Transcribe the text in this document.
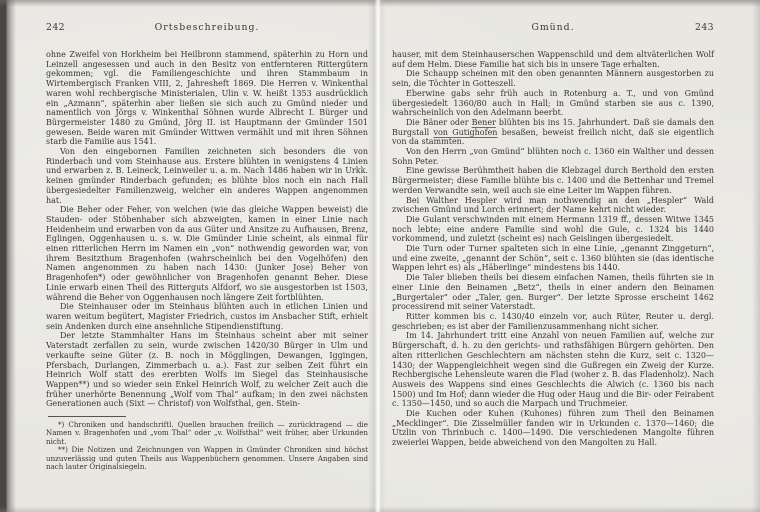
242	Ortsbeschreibung.

ohne Zweifel von Horkheim bei Heilbronn stammend, späterhin zu Horn und Leinzell angesessen und auch in den Besitz von entfernteren Rittergütern gekommen; vgl. die Familiengeschichte und ihren Stammbaum in Wirtembergisch Franken VIII, 2, Jahresheft 1869. Die Herren v. Winkenthal waren wohl rechbergische Ministerialen, Ulin v. W. heißt 1353 ausdrücklich ein „Azmann“, späterhin aber ließen sie sich auch zu Gmünd nieder und namentlich von Jörgs v. Winkenthal Söhnen wurde Albrecht I. Bürger und Bürgermeister 1480 zu Gmünd, Jörg II. ist Hauptmann der Gmünder 1501 gewesen. Beide waren mit Gmünder Wittwen vermählt und mit ihren Söhnen starb die Familie aus 1541.

Von den eingebornen Familien zeichneten sich besonders die von Rinderbach und vom Steinhause aus. Erstere blühten in wenigstens 4 Linien und erwarben z. B. Leineck, Leinweiler u. a. m. Nach 1486 haben wir in Urkk. keinen gmünder Rinderbach gefunden; es blühte blos noch ein nach Hall übergesiedelter Familienzweig, welcher ein anderes Wappen angenommen hat.

Die Beher oder Feher, von welchen (wie das gleiche Wappen beweist) die Stauden- oder Stöbenhaber sich abzweigten, kamen in einer Linie nach Heidenheim und erwarben von da aus Güter und Ansitze zu Aufhausen, Brenz, Eglingen, Oggenhausen u. s. w. Die Gmünder Linie scheint, als einmal für einen ritterlichen Herrn im Namen ein „von“ nothwendig geworden war, von ihrem Besitzthum Bragenhofen (wahrscheinlich bei den Vogelhöfen) den Namen angenommen zu haben nach 1430: (Junker Jose) Beher von Bragenhofen*) oder gewöhnlicher von Bragenhofen genannt Beher. Diese Linie erwarb einen Theil des Ritterguts Alfdorf, wo sie ausgestorben ist 1503, während die Beher von Oggenhausen noch längere Zeit fortblühten.

Die Steinhauser oder im Steinhaus blühten auch in etlichen Linien und waren weitum begütert, Magister Friedrich, custos im Ansbacher Stift, erhielt sein Andenken durch eine ansehnliche Stipendienstiftung.

Der letzte Stammhalter Hans im Steinhaus scheint aber mit seiner Vaterstadt zerfallen zu sein, wurde zwischen 1420/30 Bürger in Ulm und verkaufte seine Güter (z. B. noch in Mögglingen, Dewangen, Iggingen, Pfersbach, Durlangen, Zimmerbach u. a.). Fast zur selben Zeit führt ein Heinrich Wolf statt des ererbten Wolfs im Siegel das Steinhausische Wappen**) und so wieder sein Enkel Heinrich Wolf, zu welcher Zeit auch die früher unerhörte Benennung „Wolf vom Thal“ aufkam; in den zwei nächsten Generationen auch (Sixt — Christof) von Wolfsthal, gen. Stein-

*) Chroniken und handschriftl. Quellen brauchen freilich — zurücktragend — die Namen v. Bragenhofen und „vom Thal“ oder „v. Wolfsthal“ weit früher, aber Urkunden nicht.

**) Die Notizen und Zeichnungen von Wappen in Gmünder Chroniken sind höchst unzuverlässig und guten Theils aus Wappenbüchern genommen. Unsere Angaben sind nach lauter Originalsiegeln.

Gmünd.	243

hauser, mit dem Steinhauserschen Wappenschild und dem altväterlichen Wolf auf dem Helm. Diese Familie hat sich bis in unsere Tage erhalten.

Die Schaupp scheinen mit den oben genannten Männern ausgestorben zu sein, die Töchter in Gotteszell.

Eberwine gabs sehr früh auch in Rotenburg a. T., und von Gmünd übergesiedelt 1360/80 auch in Hall; in Gmünd starben sie aus c. 1390, wahrscheinlich von den Adelmann beerbt.

Die Bäner oder Bener blühten bis ins 15. Jahrhundert. Daß sie damals den Burgstall von Gutighofen besaßen, beweist freilich nicht, daß sie eigentlich von da stammten.

Von den Herrn „von Gmünd“ blühten noch c. 1360 ein Walther und dessen Sohn Peter.

Eine gewisse Berühmtheit haben die Klebzagel durch Berthold den ersten Bürgermeister; diese Familie blühte bis c. 1400 und die Bettenhar und Tremel werden Verwandte sein, weil auch sie eine Leiter im Wappen führen.

Bei Walther Hespler wird man nothwendig an den „Hespler“ Wald zwischen Gmünd und Lorch erinnert; der Name kehrt nicht wieder.

Die Gulant verschwinden mit einem Hermann 1319 ff., dessen Witwe 1345 noch lebte; eine andere Familie sind wohl die Gule, c. 1324 bis 1440 vorkommend, und zuletzt (scheint es) nach Geislingen übergesiedelt.

Die Turn oder Turner spalteten sich in eine Linie, „genannt Zinggeturn“, und eine zweite, „genannt der Schön“, seit c. 1360 blühten sie (das identische Wappen lehrt es) als „Häberlinge“ mindestens bis 1440.

Die Taler blieben theils bei diesem einfachen Namen, theils führten sie in einer Linie den Beinamen „Betz“, theils in einer andern den Beinamen „Burgertaler“ oder „Taler, gen. Burger“. Der letzte Sprosse erscheint 1462 processirend mit seiner Vaterstadt.

Ritter kommen bis c. 1430/40 einzeln vor, auch Rüter, Reuter u. dergl. geschrieben; es ist aber der Familienzusammenhang nicht sicher.

Im 14. Jahrhundert tritt eine Anzahl von neuen Familien auf, welche zur Bürgerschaft, d. h. zu den gerichts- und rathsfähigen Bürgern gehörten. Den alten ritterlichen Geschlechtern am nächsten stehn die Kurz, seit c. 1320—1430; der Wappengleichheit wegen sind die Gußregen ein Zweig der Kurze. Rechbergische Lehensleute waren die Flad (woher z. B. das Fladenholz). Nach Ausweis des Wappens sind eines Geschlechts die Alwich (c. 1360 bis nach 1500) und Im Hof; dann wieder die Hug oder Haug und die Bir- oder Feirabent c. 1350—1450, und so auch die Marpach und Truchmeier.

Die Kuchen oder Kuhen (Kuhones) führen zum Theil den Beinamen „Mecklinger“. Die Zisselmüller fanden wir in Urkunden c. 1370—1460; die Utzlin von Thrinbuch c. 1400—1490. Die verschiedenen Mangolte führen zweierlei Wappen, beide abweichend von den Mangolten zu Hall.
